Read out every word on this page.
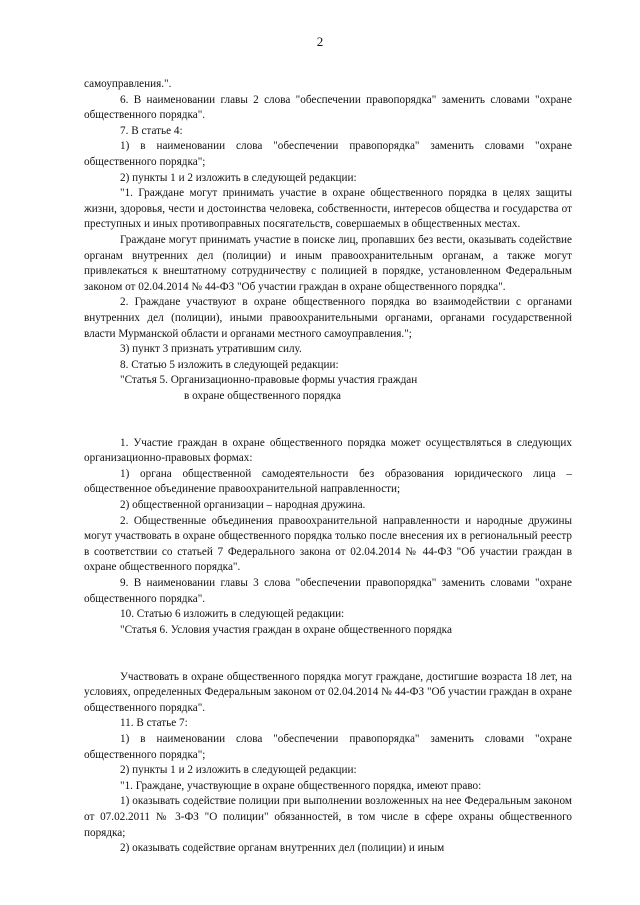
2

самоуправления.".

6. В наименовании главы 2 слова "обеспечении правопорядка" заменить словами "охране общественного порядка".

7. В статье 4:

1) в наименовании слова "обеспечении правопорядка" заменить словами "охране общественного порядка";

2) пункты 1 и 2 изложить в следующей редакции:

"1. Граждане могут принимать участие в охране общественного порядка в целях защиты жизни, здоровья, чести и достоинства человека, собственности, интересов общества и государства от преступных и иных противоправных посягательств, совершаемых в общественных местах.

Граждане могут принимать участие в поиске лиц, пропавших без вести, оказывать содействие органам внутренних дел (полиции) и иным правоохранительным органам, а также могут привлекаться к внештатному сотрудничеству с полицией в порядке, установленном Федеральным законом от 02.04.2014 № 44-ФЗ "Об участии граждан в охране общественного порядка".

2. Граждане участвуют в охране общественного порядка во взаимодействии с органами внутренних дел (полиции), иными правоохранительными органами, органами государственной власти Мурманской области и органами местного самоуправления.";

3) пункт 3 признать утратившим силу.

8. Статью 5 изложить в следующей редакции:

"Статья 5. Организационно-правовые формы участия граждан

в охране общественного порядка

1. Участие граждан в охране общественного порядка может осуществляться в следующих организационно-правовых формах:

1) органа общественной самодеятельности без образования юридического лица – общественное объединение правоохранительной направленности;

2) общественной организации – народная дружина.

2. Общественные объединения правоохранительной направленности и народные дружины могут участвовать в охране общественного порядка только после внесения их в региональный реестр в соответствии со статьей 7 Федерального закона от 02.04.2014 № 44-ФЗ "Об участии граждан в охране общественного порядка".

9. В наименовании главы 3 слова "обеспечении правопорядка" заменить словами "охране общественного порядка".

10. Статью 6 изложить в следующей редакции:

"Статья 6. Условия участия граждан в охране общественного порядка

Участвовать в охране общественного порядка могут граждане, достигшие возраста 18 лет, на условиях, определенных Федеральным законом от 02.04.2014 № 44-ФЗ "Об участии граждан в охране общественного порядка".

11. В статье 7:

1) в наименовании слова "обеспечении правопорядка" заменить словами "охране общественного порядка";

2) пункты 1 и 2 изложить в следующей редакции:

"1. Граждане, участвующие в охране общественного порядка, имеют право:

1) оказывать содействие полиции при выполнении возложенных на нее Федеральным законом от 07.02.2011 № 3-ФЗ "О полиции" обязанностей, в том числе в сфере охраны общественного порядка;

2) оказывать содействие органам внутренних дел (полиции) и иным
